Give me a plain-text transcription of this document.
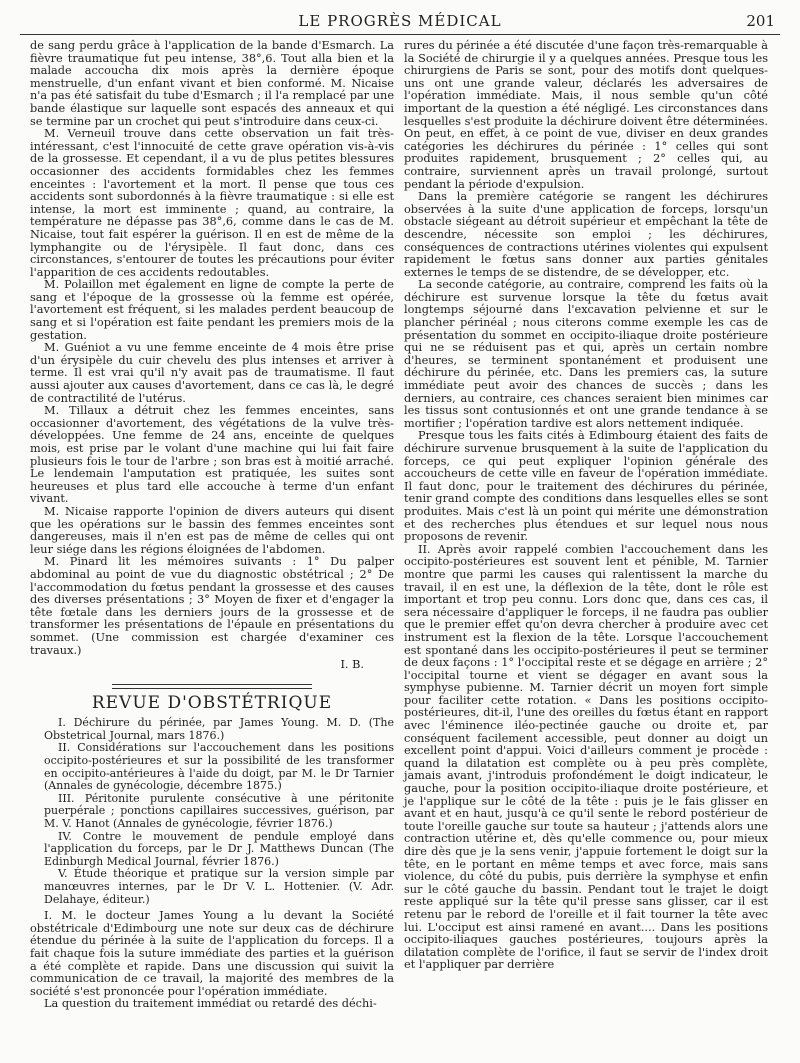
LE PROGRÈS MÉDICAL	201

de sang perdu grâce à l'application de la bande d'Esmarch. La fièvre traumatique fut peu intense, 38°,6. Tout alla bien et la malade accoucha dix mois après la dernière époque menstruelle, d'un enfant vivant et bien conformé. M. Nicaise n'a pas été satisfait du tube d'Esmarch ; il l'a remplacé par une bande élastique sur laquelle sont espacés des anneaux et qui se termine par un crochet qui peut s'introduire dans ceux-ci.

M. Verneuil trouve dans cette observation un fait très-intéressant, c'est l'innocuité de cette grave opération vis-à-vis de la grossesse. Et cependant, il a vu de plus petites blessures occasionner des accidents formidables chez les femmes enceintes : l'avortement et la mort. Il pense que tous ces accidents sont subordonnés à la fièvre traumatique : si elle est intense, la mort est imminente ; quand, au contraire, la température ne dépasse pas 38°,6, comme dans le cas de M. Nicaise, tout fait espérer la guérison. Il en est de même de la lymphangite ou de l'érysipèle. Il faut donc, dans ces circonstances, s'entourer de toutes les précautions pour éviter l'apparition de ces accidents redoutables.

M. Polaillon met également en ligne de compte la perte de sang et l'époque de la grossesse où la femme est opérée, l'avortement est fréquent, si les malades perdent beaucoup de sang et si l'opération est faite pendant les premiers mois de la gestation.

M. Guéniot a vu une femme enceinte de 4 mois être prise d'un érysipèle du cuir chevelu des plus intenses et arriver à terme. Il est vrai qu'il n'y avait pas de traumatisme. Il faut aussi ajouter aux causes d'avortement, dans ce cas là, le degré de contractilité de l'utérus.

M. Tillaux a détruit chez les femmes enceintes, sans occasionner d'avortement, des végétations de la vulve très-développées. Une femme de 24 ans, enceinte de quelques mois, est prise par le volant d'une machine qui lui fait faire plusieurs fois le tour de l'arbre ; son bras est à moitié arraché. Le lendemain l'amputation est pratiquée, les suites sont heureuses et plus tard elle accouche à terme d'un enfant vivant.

M. Nicaise rapporte l'opinion de divers auteurs qui disent que les opérations sur le bassin des femmes enceintes sont dangereuses, mais il n'en est pas de même de celles qui ont leur siége dans les régions éloignées de l'abdomen.

M. Pinard lit les mémoires suivants : 1° Du palper abdominal au point de vue du diagnostic obstétrical ; 2° De l'accommodation du fœtus pendant la grossesse et des causes des diverses présentations ; 3° Moyen de fixer et d'engager la tête fœtale dans les derniers jours de la grossesse et de transformer les présentations de l'épaule en présentations du sommet. (Une commission est chargée d'examiner ces travaux.)

I. B.
REVUE D'OBSTÉTRIQUE

I. Déchirure du périnée, par James Young. M. D. (The Obstetrical Journal, mars 1876.)

II. Considérations sur l'accouchement dans les positions occipito-postérieures et sur la possibilité de les transformer en occipito-antérieures à l'aide du doigt, par M. le Dr Tarnier (Annales de gynécologie, décembre 1875.)

III. Péritonite purulente consécutive à une péritonite puerpérale ; ponctions capillaires successives, guérison, par M. V. Hanot (Annales de gynécologie, février 1876.)

IV. Contre le mouvement de pendule employé dans l'application du forceps, par le Dr J. Matthews Duncan (The Edinburgh Medical Journal, février 1876.)

V. Étude théorique et pratique sur la version simple par manœuvres internes, par le Dr V. L. Hottenier. (V. Adr. Delahaye, éditeur.)

I. M. le docteur James Young a lu devant la Société obstétricale d'Edimbourg une note sur deux cas de déchirure étendue du périnée à la suite de l'application du forceps. Il a fait chaque fois la suture immédiate des parties et la guérison a été complète et rapide. Dans une discussion qui suivit la communication de ce travail, la majorité des membres de la société s'est prononcée pour l'opération immédiate.

La question du traitement immédiat ou retardé des déchi-

rures du périnée a été discutée d'une façon très-remarquable à la Société de chirurgie il y a quelques années. Presque tous les chirurgiens de Paris se sont, pour des motifs dont quelques-uns ont une grande valeur, déclarés les adversaires de l'opération immédiate. Mais, il nous semble qu'un côté important de la question a été négligé. Les circonstances dans lesquelles s'est produite la déchirure doivent être déterminées. On peut, en effet, à ce point de vue, diviser en deux grandes catégories les déchirures du périnée : 1° celles qui sont produites rapidement, brusquement ; 2° celles qui, au contraire, surviennent après un travail prolongé, surtout pendant la période d'expulsion.

Dans la première catégorie se rangent les déchirures observées à la suite d'une application de forceps, lorsqu'un obstacle siégeant au détroit supérieur et empêchant la tête de descendre, nécessite son emploi ; les déchirures, conséquences de contractions utérines violentes qui expulsent rapidement le fœtus sans donner aux parties génitales externes le temps de se distendre, de se développer, etc.

La seconde catégorie, au contraire, comprend les faits où la déchirure est survenue lorsque la tête du fœtus avait longtemps séjourné dans l'excavation pelvienne et sur le plancher périnéal ; nous citerons comme exemple les cas de présentation du sommet en occipito-iliaque droite postérieure qui ne se réduisent pas et qui, après un certain nombre d'heures, se terminent spontanément et produisent une déchirure du périnée, etc. Dans les premiers cas, la suture immédiate peut avoir des chances de succès ; dans les derniers, au contraire, ces chances seraient bien minimes car les tissus sont contusionnés et ont une grande tendance à se mortifier ; l'opération tardive est alors nettement indiquée.

Presque tous les faits cités à Edimbourg étaient des faits de déchirure survenue brusquement à la suite de l'application du forceps, ce qui peut expliquer l'opinion générale des accoucheurs de cette ville en faveur de l'opération immédiate. Il faut donc, pour le traitement des déchirures du périnée, tenir grand compte des conditions dans lesquelles elles se sont produites. Mais c'est là un point qui mérite une démonstration et des recherches plus étendues et sur lequel nous nous proposons de revenir.

II. Après avoir rappelé combien l'accouchement dans les occipito-postérieures est souvent lent et pénible, M. Tarnier montre que parmi les causes qui ralentissent la marche du travail, il en est une, la déflexion de la tête, dont le rôle est important et trop peu connu. Lors donc que, dans ces cas, il sera nécessaire d'appliquer le forceps, il ne faudra pas oublier que le premier effet qu'on devra chercher à produire avec cet instrument est la flexion de la tête. Lorsque l'accouchement est spontané dans les occipito-postérieures il peut se terminer de deux façons : 1° l'occipital reste et se dégage en arrière ; 2° l'occipital tourne et vient se dégager en avant sous la symphyse pubienne. M. Tarnier décrit un moyen fort simple pour faciliter cette rotation. « Dans les positions occipito-postérieures, dit-il, l'une des oreilles du fœtus étant en rapport avec l'éminence iléo-pectinée gauche ou droite et, par conséquent facilement accessible, peut donner au doigt un excellent point d'appui. Voici d'ailleurs comment je procède : quand la dilatation est complète ou à peu près complète, jamais avant, j'introduis profondément le doigt indicateur, le gauche, pour la position occipito-iliaque droite postérieure, et je l'applique sur le côté de la tête : puis je le fais glisser en avant et en haut, jusqu'à ce qu'il sente le rebord postérieur de toute l'oreille gauche sur toute sa hauteur ; j'attends alors une contraction utérine et, dès qu'elle commence ou, pour mieux dire dès que je la sens venir, j'appuie fortement le doigt sur la tête, en le portant en même temps et avec force, mais sans violence, du côté du pubis, puis derrière la symphyse et enfin sur le côté gauche du bassin. Pendant tout le trajet le doigt reste appliqué sur la tête qu'il presse sans glisser, car il est retenu par le rebord de l'oreille et il fait tourner la tête avec lui. L'occiput est ainsi ramené en avant.... Dans les positions occipito-iliaques gauches postérieures, toujours après la dilatation complète de l'orifice, il faut se servir de l'index droit et l'appliquer par derrière
